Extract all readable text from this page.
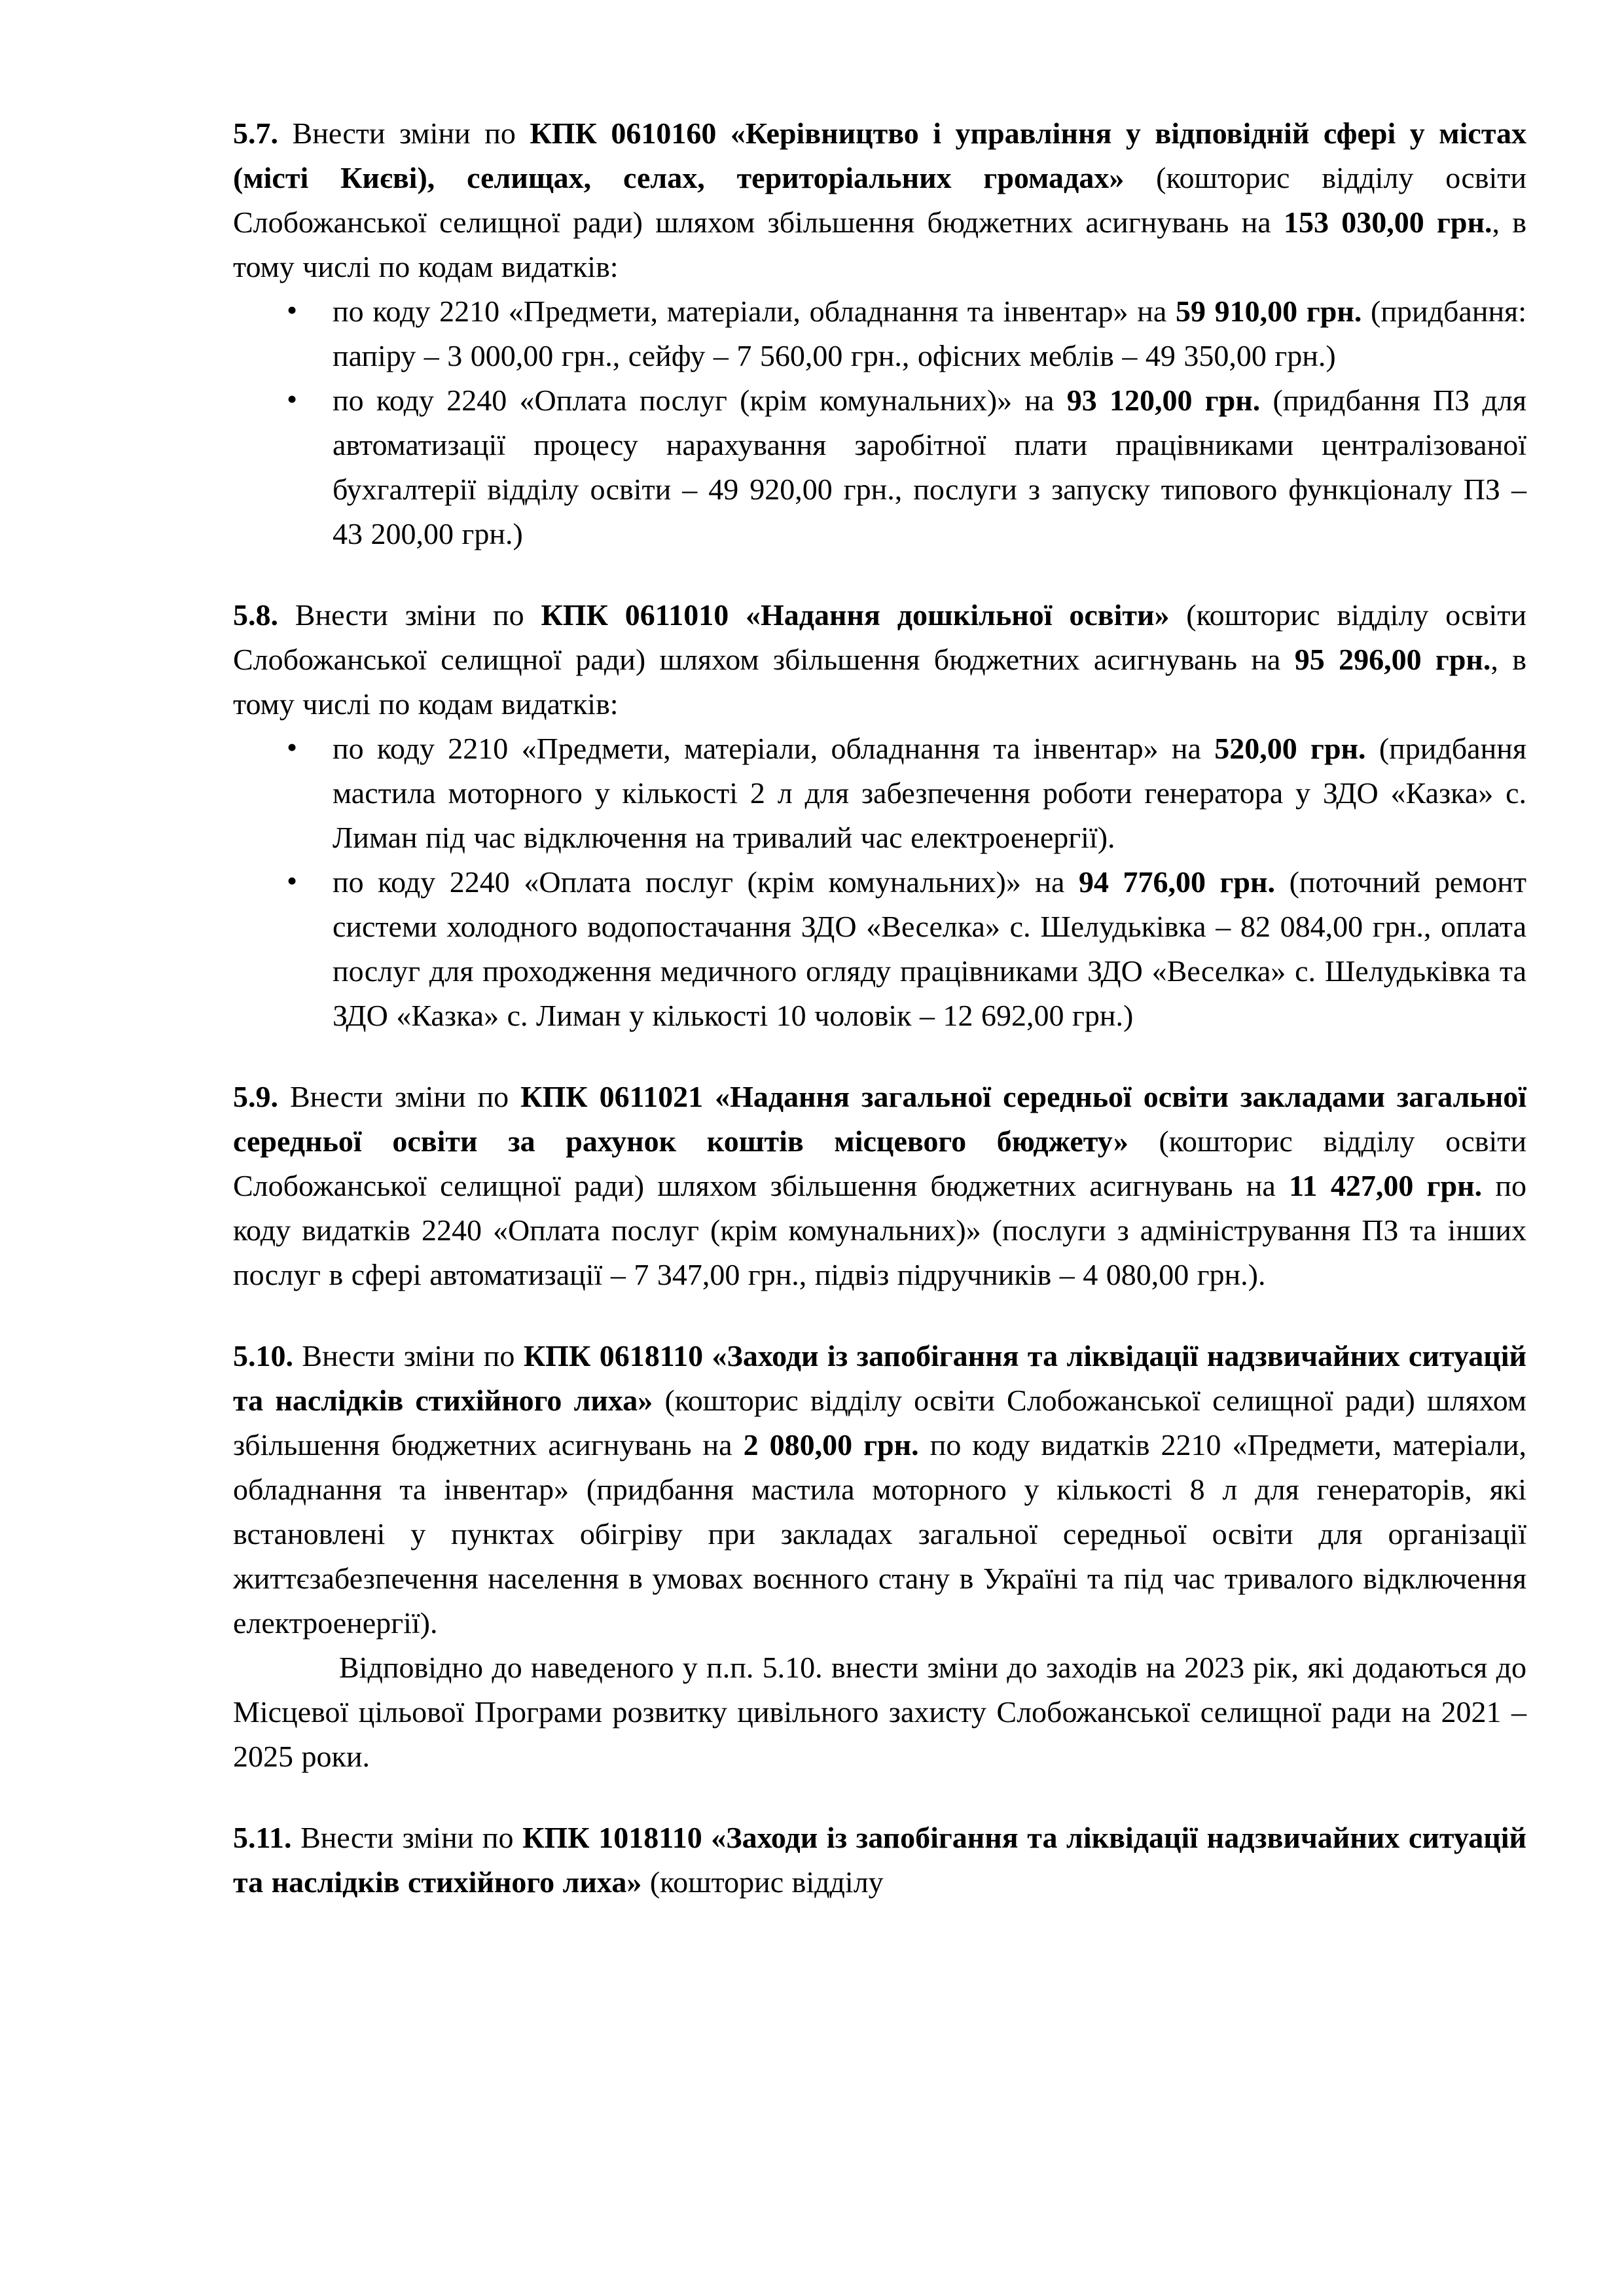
5.7. Внести зміни по КПК 0610160 «Керівництво і управління у відповідній сфері у містах (місті Києві), селищах, селах, територіальних громадах» (кошторис відділу освіти Слобожанської селищної ради) шляхом збільшення бюджетних асигнувань на 153 030,00 грн., в тому числі по кодам видатків:

• по коду 2210 «Предмети, матеріали, обладнання та інвентар» на 59 910,00 грн. (придбання: папіру – 3 000,00 грн., сейфу – 7 560,00 грн., офісних меблів – 49 350,00 грн.)
• по коду 2240 «Оплата послуг (крім комунальних)» на 93 120,00 грн. (придбання ПЗ для автоматизації процесу нарахування заробітної плати працівниками централізованої бухгалтерії відділу освіти – 49 920,00 грн., послуги з запуску типового функціоналу ПЗ – 43 200,00 грн.)

5.8. Внести зміни по КПК 0611010 «Надання дошкільної освіти» (кошторис відділу освіти Слобожанської селищної ради) шляхом збільшення бюджетних асигнувань на 95 296,00 грн., в тому числі по кодам видатків:

• по коду 2210 «Предмети, матеріали, обладнання та інвентар» на 520,00 грн. (придбання мастила моторного у кількості 2 л для забезпечення роботи генератора у ЗДО «Казка» с. Лиман під час відключення на тривалий час електроенергії).
• по коду 2240 «Оплата послуг (крім комунальних)» на 94 776,00 грн. (поточний ремонт системи холодного водопостачання ЗДО «Веселка» с. Шелудьківка – 82 084,00 грн., оплата послуг для проходження медичного огляду працівниками ЗДО «Веселка» с. Шелудьківка та ЗДО «Казка» с. Лиман у кількості 10 чоловік – 12 692,00 грн.)

5.9. Внести зміни по КПК 0611021 «Надання загальної середньої освіти закладами загальної середньої освіти за рахунок коштів місцевого бюджету» (кошторис відділу освіти Слобожанської селищної ради) шляхом збільшення бюджетних асигнувань на 11 427,00 грн. по коду видатків 2240 «Оплата послуг (крім комунальних)» (послуги з адміністрування ПЗ та інших послуг в сфері автоматизації – 7 347,00 грн., підвіз підручників – 4 080,00 грн.).

5.10. Внести зміни по КПК 0618110 «Заходи із запобігання та ліквідації надзвичайних ситуацій та наслідків стихійного лиха» (кошторис відділу освіти Слобожанської селищної ради) шляхом збільшення бюджетних асигнувань на 2 080,00 грн. по коду видатків 2210 «Предмети, матеріали, обладнання та інвентар» (придбання мастила моторного у кількості 8 л для генераторів, які встановлені у пунктах обігріву при закладах загальної середньої освіти для організації життєзабезпечення населення в умовах воєнного стану в Україні та під час тривалого відключення електроенергії).

Відповідно до наведеного у п.п. 5.10. внести зміни до заходів на 2023 рік, які додаються до Місцевої цільової Програми розвитку цивільного захисту Слобожанської селищної ради на 2021 – 2025 роки.

5.11. Внести зміни по КПК 1018110 «Заходи із запобігання та ліквідації надзвичайних ситуацій та наслідків стихійного лиха» (кошторис відділу
